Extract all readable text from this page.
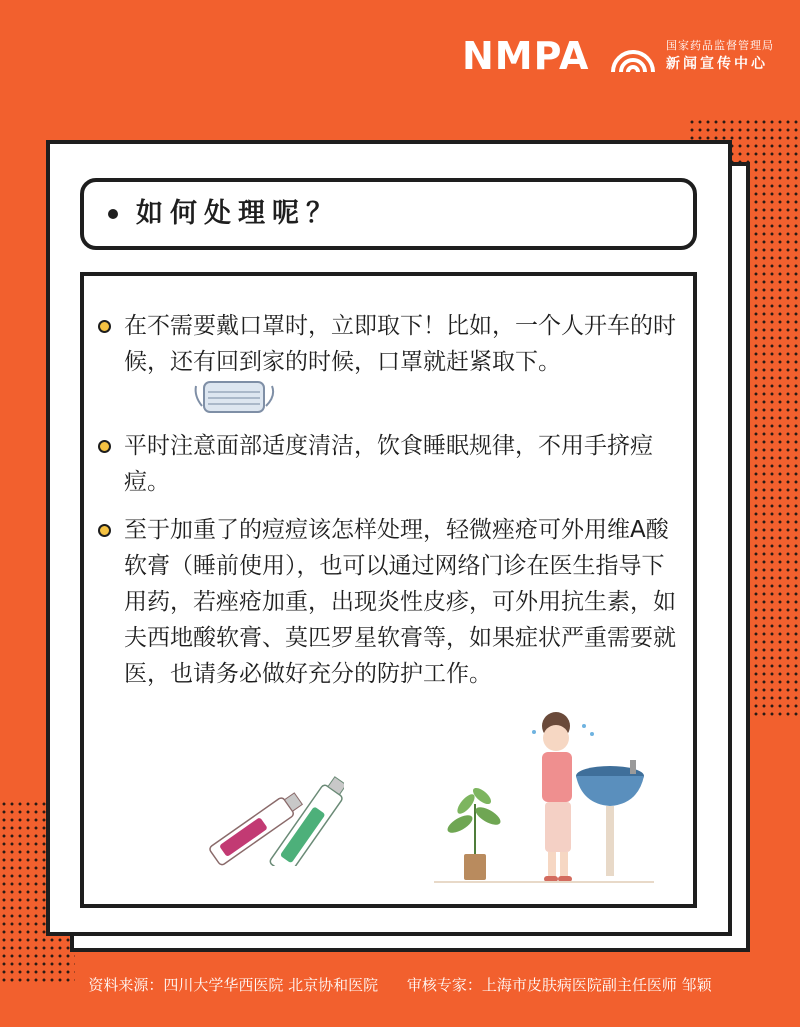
NMPA	国家药品监督管理局
新闻宣传中心
如何处理呢？
在不需要戴口罩时，立即取下！比如，一个人开车的时候，还有回到家的时候，口罩就赶紧取下。
平时注意面部适度清洁，饮食睡眠规律，不用手挤痘痘。
至于加重了的痘痘该怎样处理，轻微痤疮可外用维A酸软膏（睡前使用），也可以通过网络门诊在医生指导下用药，若痤疮加重，出现炎性皮疹，可外用抗生素，如夫西地酸软膏、莫匹罗星软膏等，如果症状严重需要就医，也请务必做好充分的防护工作。
资料来源：四川大学华西医院 北京协和医院 审核专家：上海市皮肤病医院副主任医师 邹颖
